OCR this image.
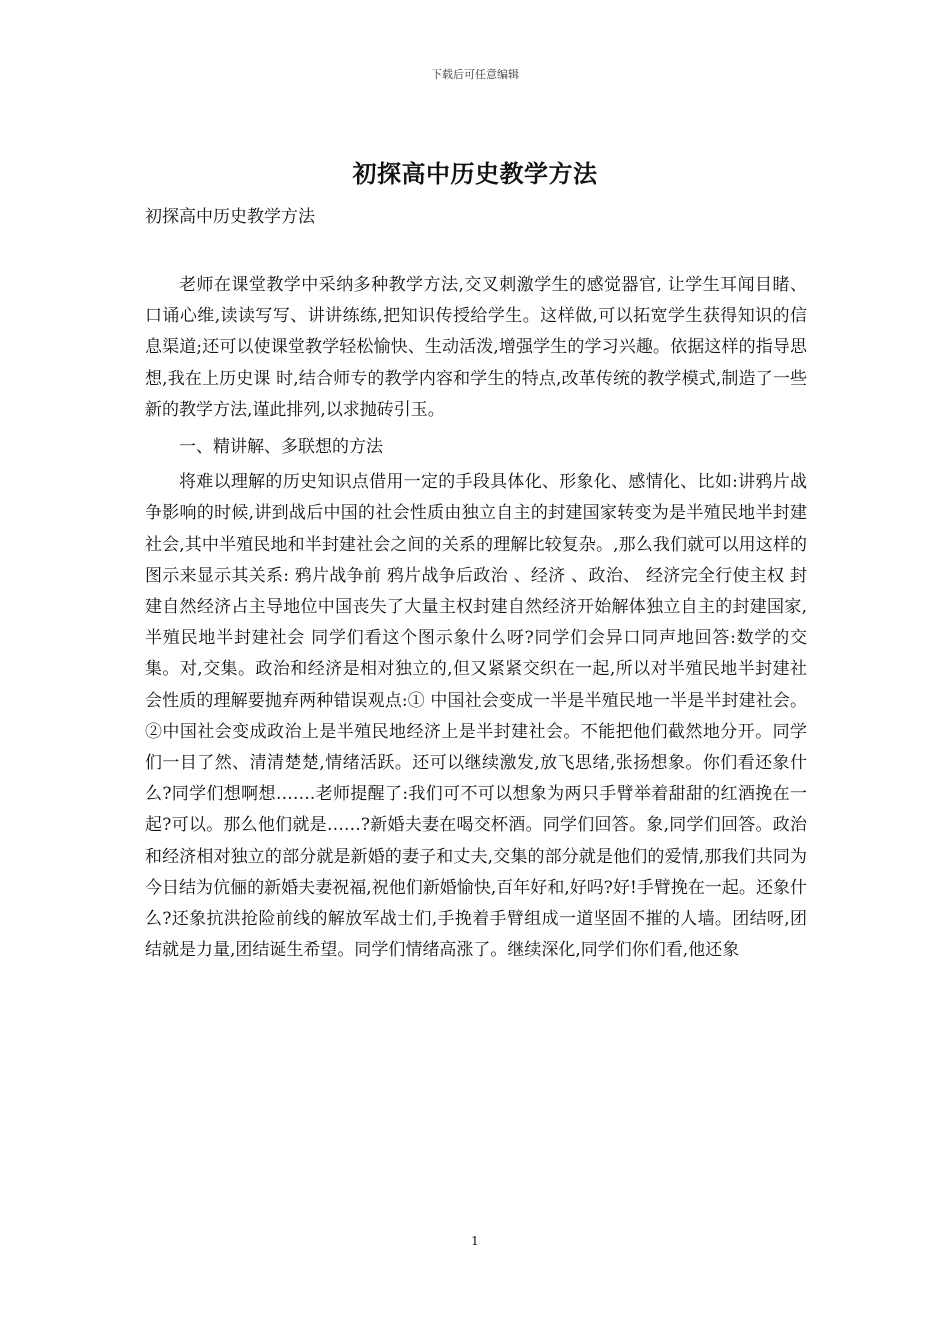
下载后可任意编辑
初探高中历史教学方法
初探高中历史教学方法

老师在课堂教学中采纳多种教学方法,交叉刺激学生的感觉器官, 让学生耳闻目睹、口诵心维,读读写写、讲讲练练,把知识传授给学生。这样做,可以拓宽学生获得知识的信息渠道;还可以使课堂教学轻松愉快、生动活泼,增强学生的学习兴趣。依据这样的指导思想,我在上历史课 时,结合师专的教学内容和学生的特点,改革传统的教学模式,制造了一些新的教学方法,谨此排列,以求抛砖引玉。

一、精讲解、多联想的方法

将难以理解的历史知识点借用一定的手段具体化、形象化、感情化、比如:讲鸦片战争影响的时候,讲到战后中国的社会性质由独立自主的封建国家转变为是半殖民地半封建社会,其中半殖民地和半封建社会之间的关系的理解比较复杂。,那么我们就可以用这样的图示来显示其关系: 鸦片战争前 鸦片战争后政治 、经济 、政治、 经济完全行使主权 封建自然经济占主导地位中国丧失了大量主权封建自然经济开始解体独立自主的封建国家,半殖民地半封建社会 同学们看这个图示象什么呀?同学们会异口同声地回答:数学的交集。对,交集。政治和经济是相对独立的,但又紧紧交织在一起,所以对半殖民地半封建社会性质的理解要抛弃两种错误观点:① 中国社会变成一半是半殖民地一半是半封建社会。②中国社会变成政治上是半殖民地经济上是半封建社会。不能把他们截然地分开。同学们一目了然、清清楚楚,情绪活跃。还可以继续激发,放飞思绪,张扬想象。你们看还象什么?同学们想啊想…….老师提醒了:我们可不可以想象为两只手臂举着甜甜的红酒挽在一起?可以。那么他们就是……?新婚夫妻在喝交杯酒。同学们回答。象,同学们回答。政治和经济相对独立的部分就是新婚的妻子和丈夫,交集的部分就是他们的爱情,那我们共同为今日结为伉俪的新婚夫妻祝福,祝他们新婚愉快,百年好和,好吗?好!手臂挽在一起。还象什么?还象抗洪抢险前线的解放军战士们,手挽着手臂组成一道坚固不摧的人墙。团结呀,团结就是力量,团结诞生希望。同学们情绪高涨了。继续深化,同学们你们看,他还象

1
